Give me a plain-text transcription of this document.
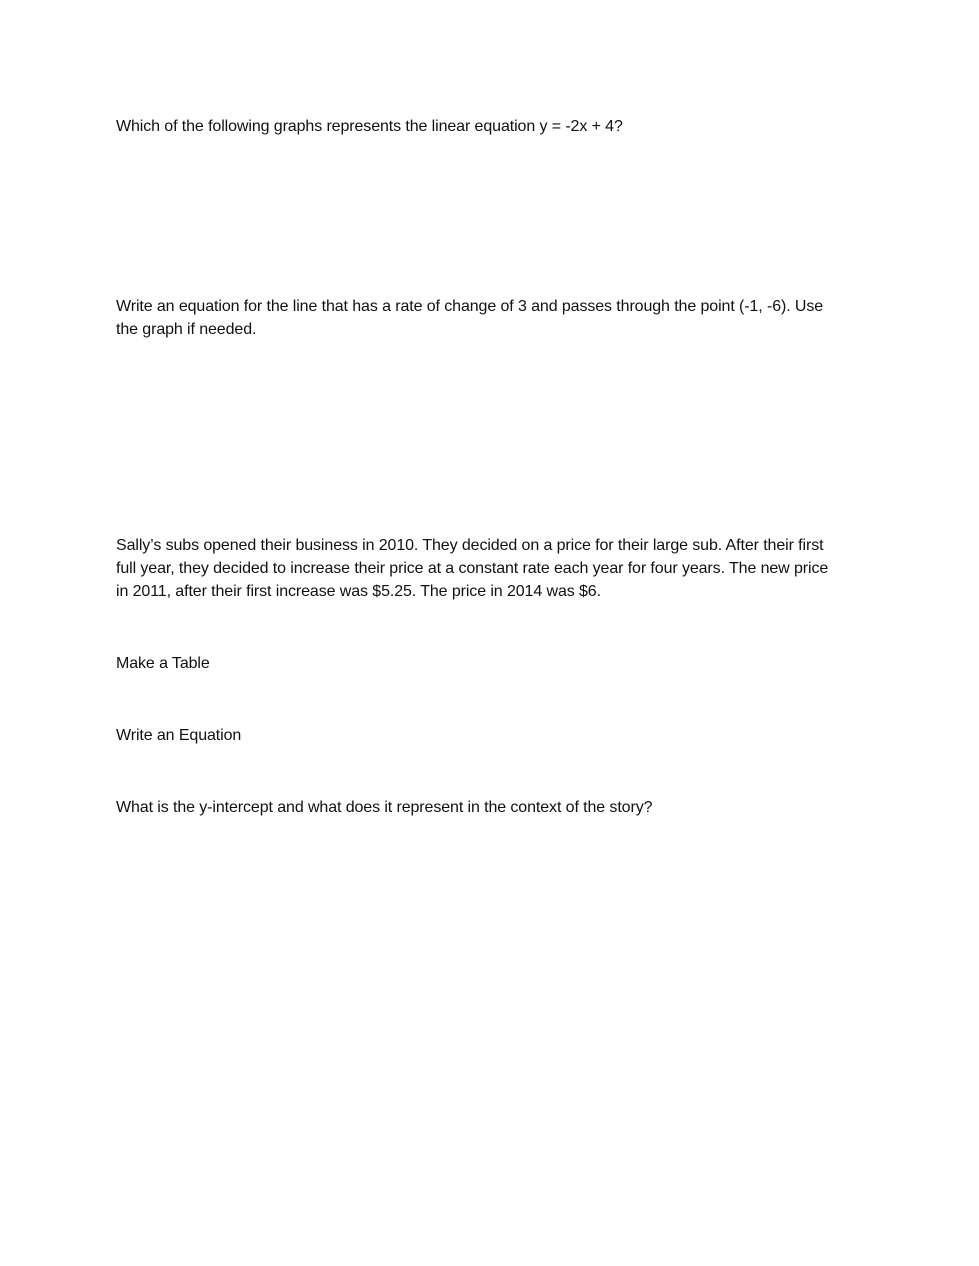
Which of the following graphs represents the linear equation y = -2x + 4?

Write an equation for the line that has a rate of change of 3 and passes through the point (-1, -6). Use
the graph if needed.

Sally’s subs opened their business in 2010. They decided on a price for their large sub. After their first
full year, they decided to increase their price at a constant rate each year for four years. The new price
in 2011, after their first increase was $5.25. The price in 2014 was $6.

Make a Table

Write an Equation

What is the y-intercept and what does it represent in the context of the story?
